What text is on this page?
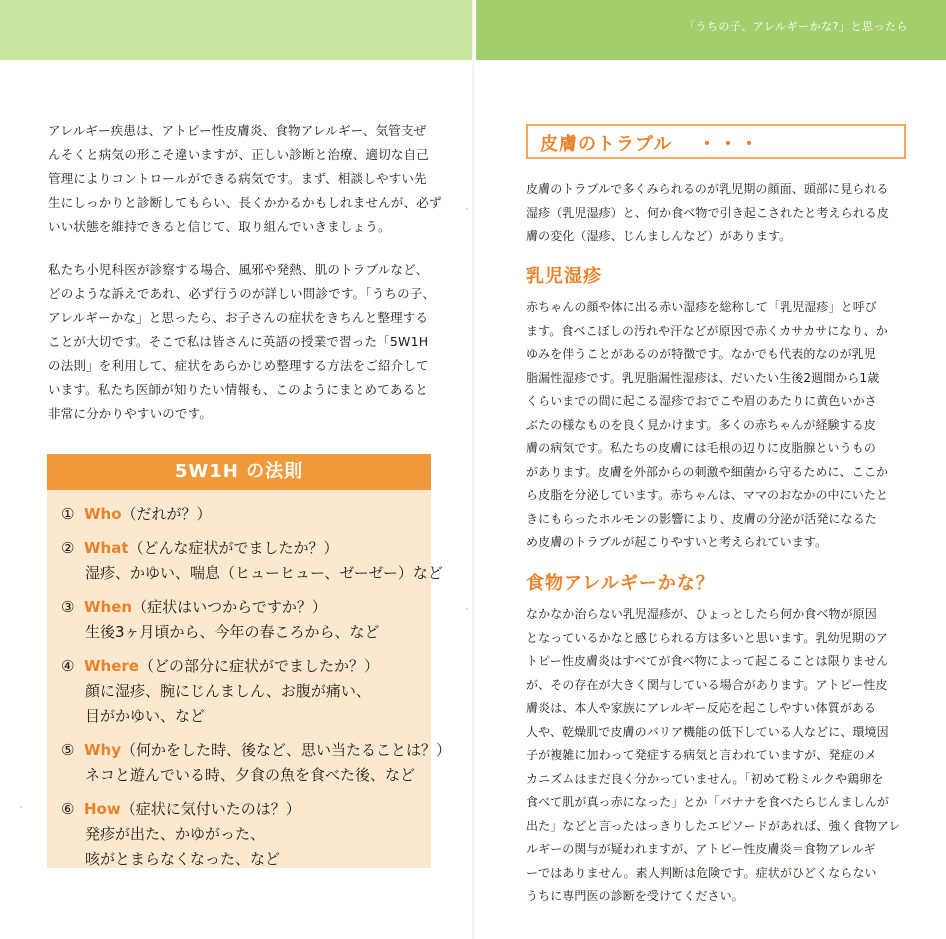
「うちの子、アレルギーかな?」と思ったら
アレルギー疾患は、アトピー性皮膚炎、食物アレルギー、気管支ぜ
んそくと病気の形こそ違いますが、正しい診断と治療、適切な自己
管理によりコントロールができる病気です。まず、相談しやすい先
生にしっかりと診断してもらい、長くかかるかもしれませんが、必ず
いい状態を維持できると信じて、取り組んでいきましょう。
私たち小児科医が診察する場合、風邪や発熱、肌のトラブルなど、
どのような訴えであれ、必ず行うのが詳しい問診です。「うちの子、
アレルギーかな」と思ったら、お子さんの症状をきちんと整理する
ことが大切です。そこで私は皆さんに英語の授業で習った「5W1H
の法則」を利用して、症状をあらかじめ整理する方法をご紹介して
います。私たち医師が知りたい情報も、このようにまとめてあると
非常に分かりやすいのです。
5W1H の法則
① Who（だれが？）
② What（どんな症状がでましたか？）
湿疹、かゆい、喘息（ヒューヒュー、ゼーゼー）など
③ When（症状はいつからですか？）
生後3ヶ月頃から、今年の春ころから、など
④ Where（どの部分に症状がでましたか？）
顔に湿疹、腕にじんましん、お腹が痛い、
目がかゆい、など
⑤ Why（何かをした時、後など、思い当たることは？）
ネコと遊んでいる時、夕食の魚を食べた後、など
⑥ How（症状に気付いたのは？）
発疹が出た、かゆがった、
咳がとまらなくなった、など
皮膚のトラブル ・・・
皮膚のトラブルで多くみられるのが乳児期の顔面、頭部に見られる
湿疹（乳児湿疹）と、何か食べ物で引き起こされたと考えられる皮
膚の変化（湿疹、じんましんなど）があります。
乳児湿疹
赤ちゃんの顔や体に出る赤い湿疹を総称して「乳児湿疹」と呼び
ます。食べこぼしの汚れや汗などが原因で赤くカサカサになり、か
ゆみを伴うことがあるのが特徴です。なかでも代表的なのが乳児
脂漏性湿疹です。乳児脂漏性湿疹は、だいたい生後2週間から1歳
くらいまでの間に起こる湿疹でおでこや眉のあたりに黄色いかさ
ぶたの様なものを良く見かけます。多くの赤ちゃんが経験する皮
膚の病気です。私たちの皮膚には毛根の辺りに皮脂腺というもの
があります。皮膚を外部からの刺激や細菌から守るために、ここか
ら皮脂を分泌しています。赤ちゃんは、ママのおなかの中にいたと
きにもらったホルモンの影響により、皮膚の分泌が活発になるた
め皮膚のトラブルが起こりやすいと考えられています。
食物アレルギーかな？
なかなか治らない乳児湿疹が、ひょっとしたら何か食べ物が原因
となっているかなと感じられる方は多いと思います。乳幼児期のア
トピー性皮膚炎はすべてが食べ物によって起こることは限りません
が、その存在が大きく関与している場合があります。アトピー性皮
膚炎は、本人や家族にアレルギー反応を起こしやすい体質がある
人や、乾燥肌で皮膚のバリア機能の低下している人などに、環境因
子が複雑に加わって発症する病気と言われていますが、発症のメ
カニズムはまだ良く分かっていません。「初めて粉ミルクや鶏卵を
食べて肌が真っ赤になった」とか「バナナを食べたらじんましんが
出た」などと言ったはっきりしたエピソードがあれば、強く食物アレ
ルギーの関与が疑われますが、アトピー性皮膚炎＝食物アレルギ
ーではありません。素人判断は危険です。症状がひどくならない
うちに専門医の診断を受けてください。
